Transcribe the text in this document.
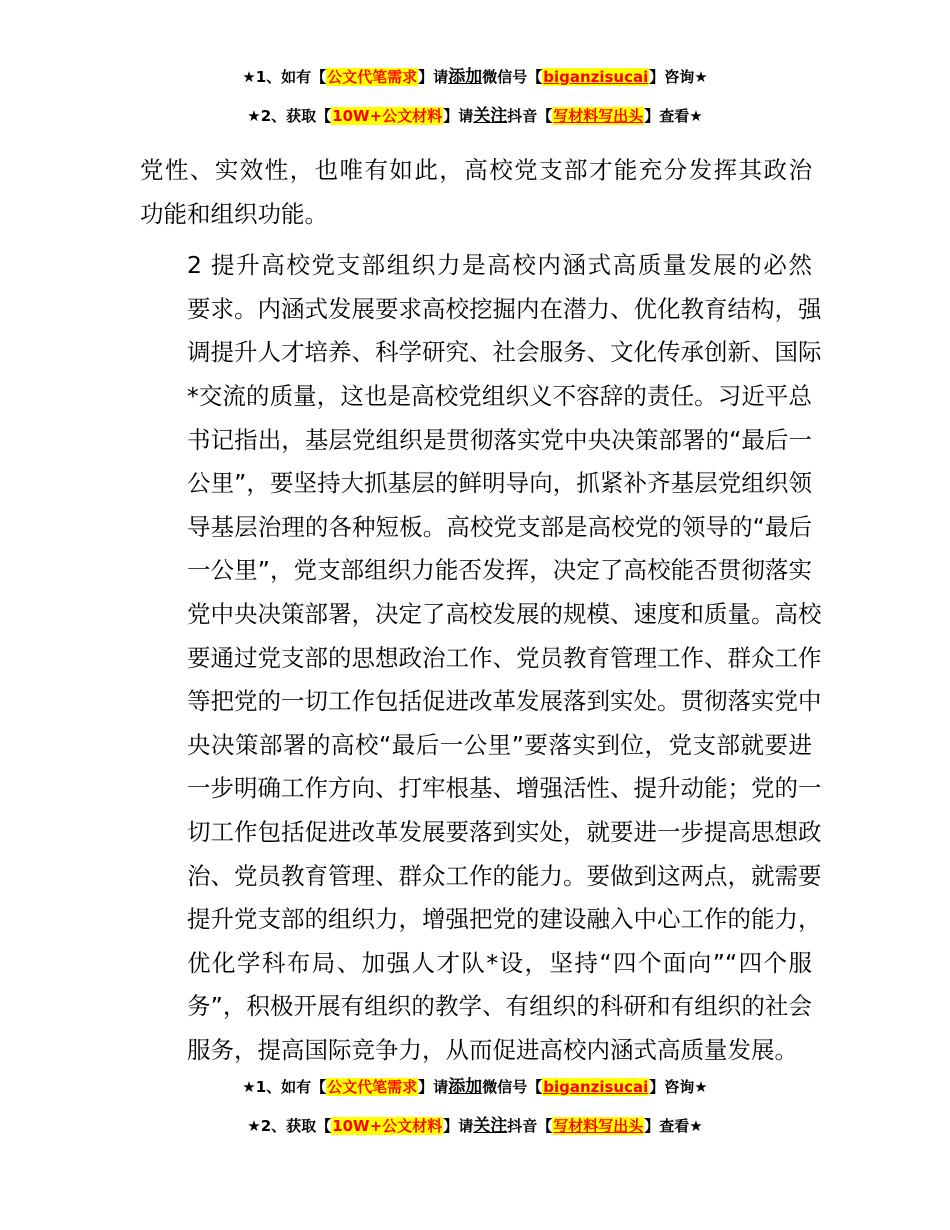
★1、如有【公文代笔需求】请添加微信号【biganzisucai】咨询★
★2、获取【10W+公文材料】请关注抖音【写材料写出头】查看★

党性、实效性，也唯有如此，高校党支部才能充分发挥其政治
功能和组织功能。

2 提升高校党支部组织力是高校内涵式高质量发展的必然
要求。内涵式发展要求高校挖掘内在潜力、优化教育结构，强
调提升人才培养、科学研究、社会服务、文化传承创新、国际
*交流的质量，这也是高校党组织义不容辞的责任。习近平总
书记指出，基层党组织是贯彻落实党中央决策部署的“最后一
公里”，要坚持大抓基层的鲜明导向，抓紧补齐基层党组织领
导基层治理的各种短板。高校党支部是高校党的领导的“最后
一公里”，党支部组织力能否发挥，决定了高校能否贯彻落实
党中央决策部署，决定了高校发展的规模、速度和质量。高校
要通过党支部的思想政治工作、党员教育管理工作、群众工作
等把党的一切工作包括促进改革发展落到实处。贯彻落实党中
央决策部署的高校“最后一公里”要落实到位，党支部就要进
一步明确工作方向、打牢根基、增强活性、提升动能；党的一
切工作包括促进改革发展要落到实处，就要进一步提高思想政
治、党员教育管理、群众工作的能力。要做到这两点，就需要
提升党支部的组织力，增强把党的建设融入中心工作的能力，
优化学科布局、加强人才队*设，坚持“四个面向”“四个服
务”，积极开展有组织的教学、有组织的科研和有组织的社会
服务，提高国际竞争力，从而促进高校内涵式高质量发展。

★1、如有【公文代笔需求】请添加微信号【biganzisucai】咨询★
★2、获取【10W+公文材料】请关注抖音【写材料写出头】查看★
